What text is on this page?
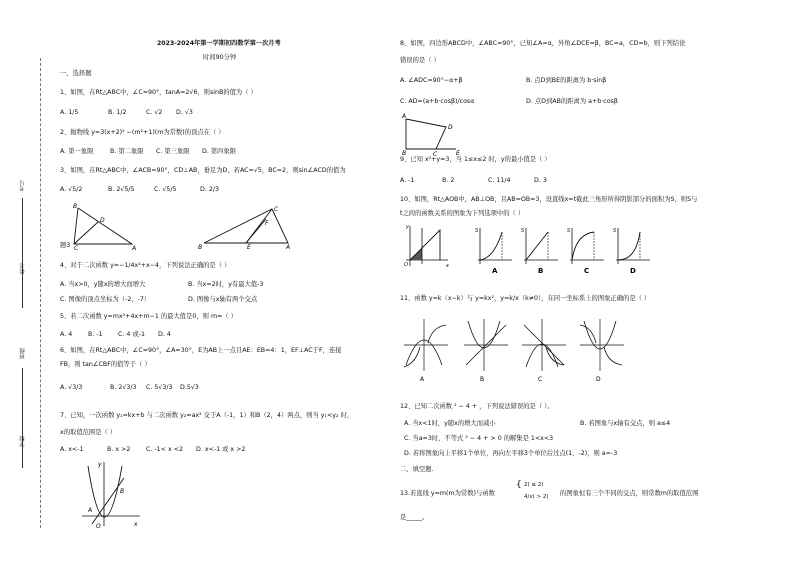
考号
姓名
班级
学校
2023-2024年第一学期初四数学第一次月考
时间90分钟
一、选择题
1、如图，在Rt△ABC中，∠C=90°，tanA=2√6，则sinB的值为（ ）
A. 1/5	B. 1/2	C. √2 D. √3
2、抛物线 y=3(x+2)² −(m²+1)(m为常数)的顶点在（ ）
A. 第一象限	B. 第二象限 C. 第三象限 D. 第四象限
3、如图，在Rt△ABC中，∠ACB=90°，CD⊥AB，垂足为D，若AC=√5，BC=2，则sin∠ACD的值为
A. √5/2	B. 2√5/5	C. √5/5	D. 2/3
B
D
A
C
题3
C
F
E	A
B
4、对于二次函数 y=−1/4x²+x−4，下列说法正确的是（ ）
A. 当x>0，y随x的增大而增大	B. 当x=2时，y有最大值-3
C. 图像的顶点坐标为（-2，-7）	D. 图像与x轴有两个交点
5、若二次函数 y=mx²+4x+m−1 的最大值是0，则 m=（ ）
A. 4	B. -1 C. 4 或-1 D. 4
6、如图，在Rt△ABC中，∠C=90°，∠A=30°，E为AB上一点且AE：EB=4：1，EF⊥AC于F，连接
FB，则 tan∠CBF的值等于（ ）
A. √3/3	B. 2√3/3 C. 5√3/3 D.5√3
7、已知，一次函数 y₁=kx+b 与二次函数 y₂=ax² 交于A（-1，1）和B（2，4）两点，则当 y₁<y₂ 时，
x的取值范围是（ ）
A. x<-1	B. x >2 C. -1< x <2 D. x<-1 或 x >2
y
x
A
B
O
8、如图，四边形ABCD中，∠ABC=90°，已知∠A=α，外角∠DCE=β，BC=a，CD=b，则下列结论
错误的是（ ）
A. ∠ADC=90°−α+β	B. 点D到BE的距离为 b·sinβ
C. AD=(a+b·cosβ)/cosα	D. 点D到AB的距离为 a+b·cosβ
A
D
B	C	E
9、已知 x²+y=3，当 1≤x≤2 时，y的最小值是（ ）
A. -1	B. 2	C. 11/4	D. 3
10、如图，Rt△AOB中，AB⊥OB，且AB=OB=3，设直线x=t截此三角形所得阴影部分的面积为S，则S与
t之间的函数关系的图象为下列选项中的（ ）
y
O	x
S
A
S
B
S
C
S
D
11、函数 y=k（x−k）与 y=kx²，y=k/x（k≠0），在同一坐标系上的图象正确的是（ ）
A	B	C	D
12、已知二次函数 ² − 4 + ，下列说法错误的是（ ）。
A. 当x<1时，y随x的增大而减小	B. 若图象与x轴有交点，则 a≤4
C. 当a=3时，不等式 ² − 4 + > 0 的解集是 1<x<3
D. 若将图象向上平移1个单位，再向左平移3个单位后过点(1，-2)，则 a=-3
二、填空题.
13.若直线 y=m(m为常数)与函数
{ 2( ≤ 2)
4/x( > 2) 的图象恒有三个不同的交点，则常数m的取值范围
是_____。
